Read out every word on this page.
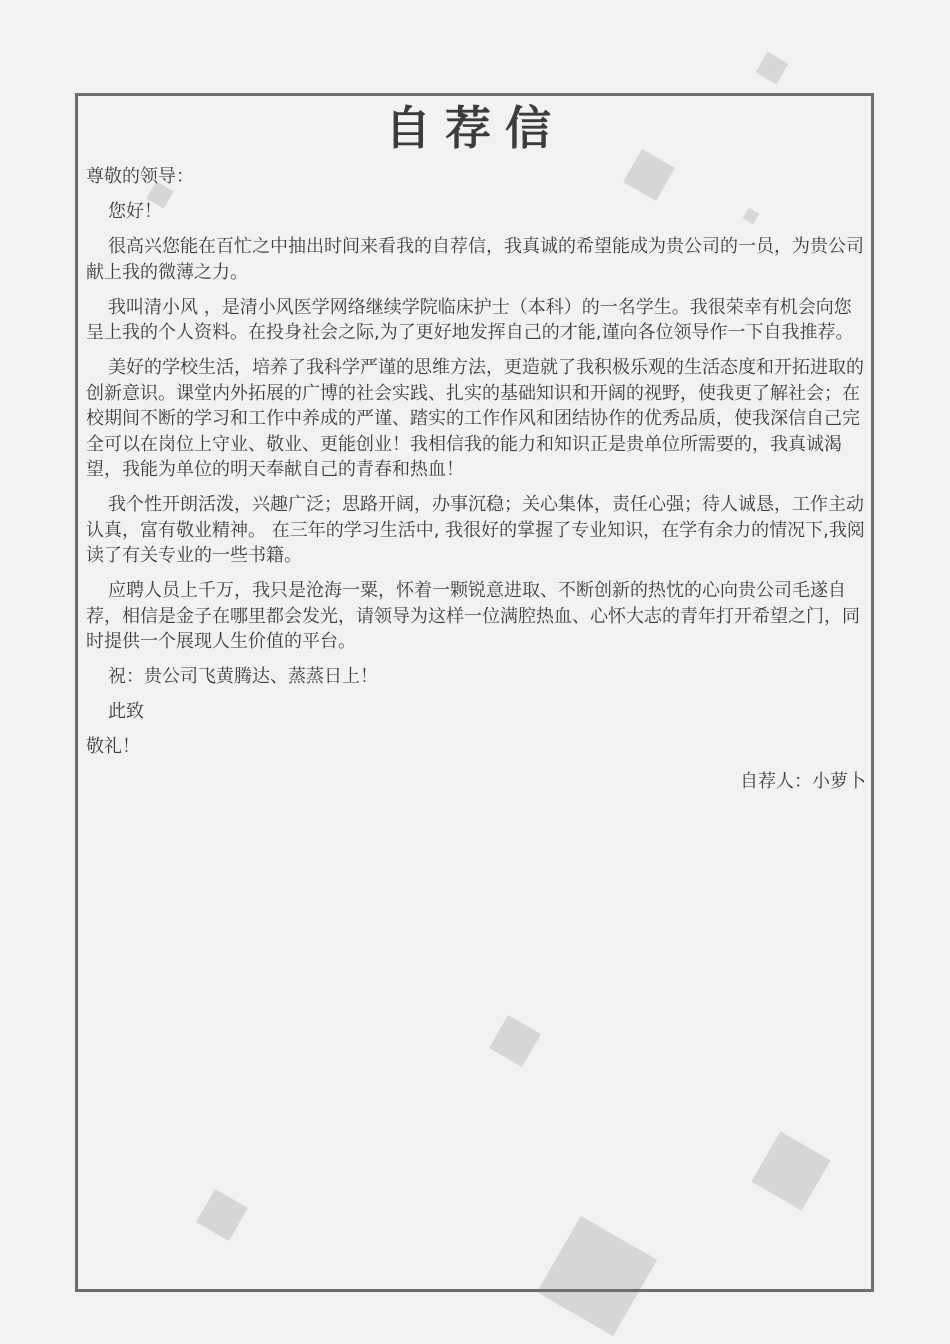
自荐信

尊敬的领导：

您好！

很高兴您能在百忙之中抽出时间来看我的自荐信，我真诚的希望能成为贵公司的一员，为贵公司献上我的微薄之力。

我叫清小风 ，是清小风医学网络继续学院临床护士（本科）的一名学生。我很荣幸有机会向您呈上我的个人资料。在投身社会之际,为了更好地发挥自己的才能,谨向各位领导作一下自我推荐。

美好的学校生活，培养了我科学严谨的思维方法，更造就了我积极乐观的生活态度和开拓进取的创新意识。课堂内外拓展的广博的社会实践、扎实的基础知识和开阔的视野，使我更了解社会；在校期间不断的学习和工作中养成的严谨、踏实的工作作风和团结协作的优秀品质，使我深信自己完全可以在岗位上守业、敬业、更能创业！我相信我的能力和知识正是贵单位所需要的，我真诚渴望，我能为单位的明天奉献自己的青春和热血！

我个性开朗活泼，兴趣广泛；思路开阔，办事沉稳；关心集体，责任心强；待人诚恳，工作主动认真，富有敬业精神。 在三年的学习生活中, 我很好的掌握了专业知识，在学有余力的情况下,我阅读了有关专业的一些书籍。

应聘人员上千万，我只是沧海一粟，怀着一颗锐意进取、不断创新的热忱的心向贵公司毛遂自荐，相信是金子在哪里都会发光，请领导为这样一位满腔热血、心怀大志的青年打开希望之门，同时提供一个展现人生价值的平台。

祝：贵公司飞黄腾达、蒸蒸日上！

此致

敬礼！

自荐人：小萝卜
